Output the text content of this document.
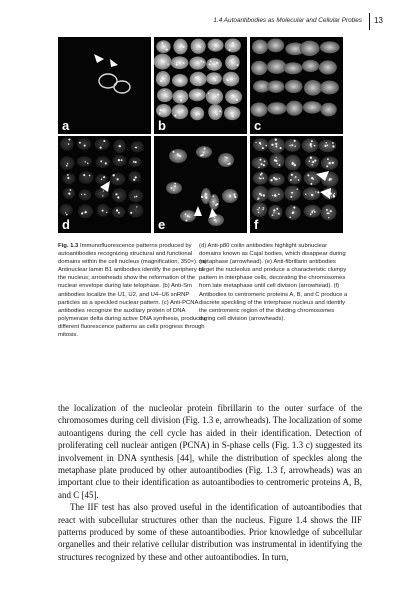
1.4 Autoantibodies as Molecular and Cellular Probes 13
a	b	c
d	e	f
Fig. 1.3 Immunofluorescence patterns produced by autoantibodies recognizing structural and functional domains within the cell nucleus (magnification, 350×). (a) Antinuclear lamin B1 antibodies identify the periphery of the nucleus; arrowheads show the reformation of the nuclear envelope during late telophase. (b) Anti-Sm antibodies localize the U1, U2, and U4–U6 snRNP particles as a speckled nuclear pattern. (c) Anti-PCNA antibodies recognize the auxiliary protein of DNA polymerase delta during active DNA synthesis, producing different fluorescence patterns as cells progress through mitosis.
(d) Anti-p80 coilin antibodies highlight subnuclear domains known as Cajal bodies, which disappear during metaphase (arrowhead). (e) Anti-fibrillarin antibodies target the nucleolus and produce a characteristic clumpy pattern in interphase cells, decorating the chromosomes from late metaphase until cell division (arrowhead). (f) Antibodies to centromeric proteins A, B, and C produce a discrete speckling of the interphase nucleus and identify the centromeric region of the dividing chromosomes during cell division (arrowheads).

the localization of the nucleolar protein fibrillarin to the outer surface of the chromosomes during cell division (Fig. 1.3 e, arrowheads). The localization of some autoantigens during the cell cycle has aided in their identification. Detection of proliferating cell nuclear antigen (PCNA) in S-phase cells (Fig. 1.3 c) suggested its involvement in DNA synthesis [44], while the distribution of speckles along the metaphase plate produced by other autoantibodies (Fig. 1.3 f, arrowheads) was an important clue to their identification as autoantibodies to centromeric proteins A, B, and C [45].

The IIF test has also proved useful in the identification of autoantibodies that react with subcellular structures other than the nucleus. Figure 1.4 shows the IIF patterns produced by some of these autoantibodies. Prior knowledge of subcellular organelles and their relative cellular distribution was instrumental in identifying the structures recognized by these and other autoantibodies. In turn,
